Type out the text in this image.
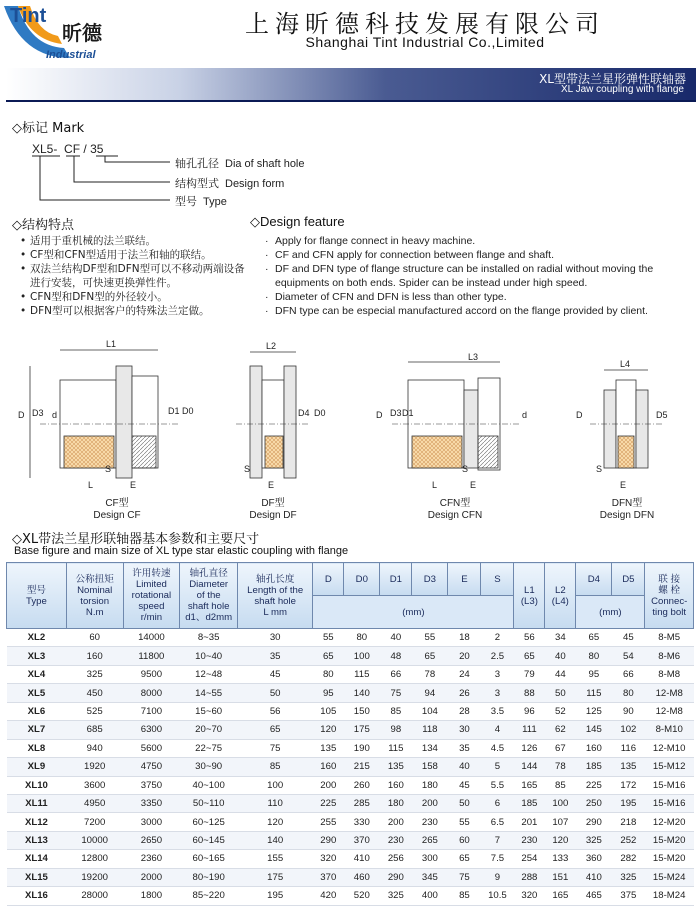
Tint
昕德
Industrial
上海昕德科技发展有限公司
Shanghai Tint Industrial Co.,Limited
XL型带法兰星形弹性联轴器
XL Jaw coupling with flange
◇标记 Mark
XL5- CF / 35
轴孔孔径 Dia of shaft hole
结构型式 Design form
型号 Type
◇结构特点	◇Design feature
• 适用于重机械的法兰联结。
• CF型和CFN型适用于法兰和轴的联结。
• 双法兰结构DF型和DFN型可以不移动两端设备进行安装，可快速更换弹性件。
• CFN型和DFN型的外径较小。
• DFN型可以根据客户的特殊法兰定做。
· Apply for flange connect in heavy machine.
· CF and CFN apply for connection between flange and shaft.
· DF and DFN type of flange structure can be installed on radial without moving the equipments on both ends. Spider can be instead under high speed.
· Diameter of CFN and DFN is less than other type.
· DFN type can be especial manufactured accord on the flange provided by client.
L1
D D3 d	D1 D0
S
L	E
L2
D4 D0
S
E
L3
D D3 D1	d
S
L	E
L4
D	D5
S
E
CF型
Design CF
DF型
Design DF
CFN型
Design CFN
DFN型
Design DFN
◇XL带法兰星形联轴器基本参数和主要尺寸
Base figure and main size of XL type star elastic coupling with flange
型号
Type	公称扭矩
Nominal
torsion
N.m	许用转速
Limited
rotational
speed
r/min	轴孔直径
Diameter
of the
shaft hole
d1、d2mm	轴孔长度
Length of the
shaft hole
L mm	D	D0	D1	D3	E	S	L1
(L3)	L2
(L4)	D4	D5	联 接
螺 栓
Connec-
ting bolt
					(mm)								(mm)		
XL2	60	14000	8~35	30	55	80	40	55	18	2	56	34	65	45	8-M5
XL3	160	11800	10~40	35	65	100	48	65	20	2.5	65	40	80	54	8-M6
XL4	325	9500	12~48	45	80	115	66	78	24	3	79	44	95	66	8-M8
XL5	450	8000	14~55	50	95	140	75	94	26	3	88	50	115	80	12-M8
XL6	525	7100	15~60	56	105	150	85	104	28	3.5	96	52	125	90	12-M8
XL7	685	6300	20~70	65	120	175	98	118	30	4	111	62	145	102	8-M10
XL8	940	5600	22~75	75	135	190	115	134	35	4.5	126	67	160	116	12-M10
XL9	1920	4750	30~90	85	160	215	135	158	40	5	144	78	185	135	15-M12
XL10	3600	3750	40~100	100	200	260	160	180	45	5.5	165	85	225	172	15-M16
XL11	4950	3350	50~110	110	225	285	180	200	50	6	185	100	250	195	15-M16
XL12	7200	3000	60~125	120	255	330	200	230	55	6.5	201	107	290	218	12-M20
XL13	10000	2650	60~145	140	290	370	230	265	60	7	230	120	325	252	15-M20
XL14	12800	2360	60~165	155	320	410	256	300	65	7.5	254	133	360	282	15-M20
XL15	19200	2000	80~190	175	370	460	290	345	75	9	288	151	410	325	15-M24
XL16	28000	1800	85~220	195	420	520	325	400	85	10.5	320	165	465	375	18-M24
